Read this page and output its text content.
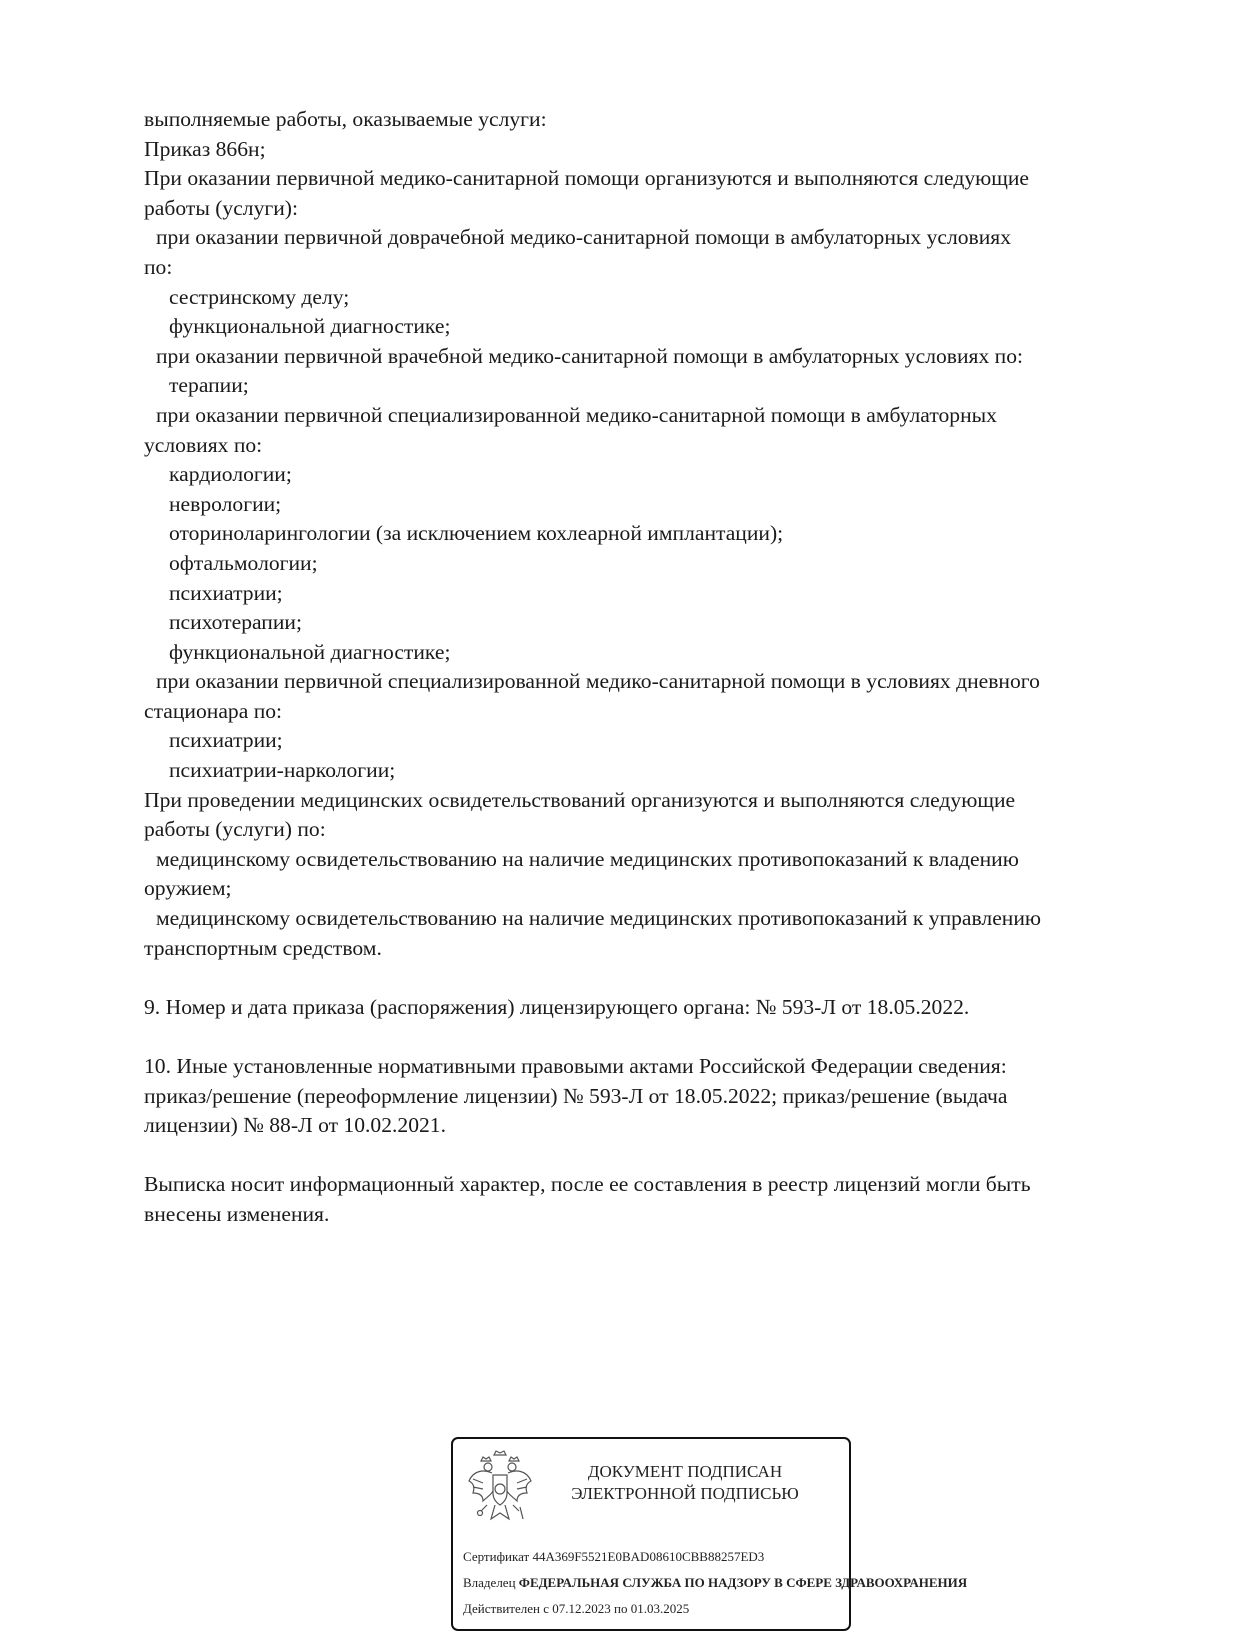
выполняемые работы, оказываемые услуги:
Приказ 866н;
При оказании первичной медико-санитарной помощи организуются и выполняются следующие
работы (услуги):
при оказании первичной доврачебной медико-санитарной помощи в амбулаторных условиях
по:
сестринскому делу;
функциональной диагностике;
при оказании первичной врачебной медико-санитарной помощи в амбулаторных условиях по:
терапии;
при оказании первичной специализированной медико-санитарной помощи в амбулаторных
условиях по:
кардиологии;
неврологии;
оториноларингологии (за исключением кохлеарной имплантации);
офтальмологии;
психиатрии;
психотерапии;
функциональной диагностике;
при оказании первичной специализированной медико-санитарной помощи в условиях дневного
стационара по:
психиатрии;
психиатрии-наркологии;
При проведении медицинских освидетельствований организуются и выполняются следующие
работы (услуги) по:
медицинскому освидетельствованию на наличие медицинских противопоказаний к владению
оружием;
медицинскому освидетельствованию на наличие медицинских противопоказаний к управлению
транспортным средством.
9. Номер и дата приказа (распоряжения) лицензирующего органа: № 593-Л от 18.05.2022.
10. Иные установленные нормативными правовыми актами Российской Федерации сведения:
приказ/решение (переоформление лицензии) № 593-Л от 18.05.2022; приказ/решение (выдача
лицензии) № 88-Л от 10.02.2021.
Выписка носит информационный характер, после ее составления в реестр лицензий могли быть
внесены изменения.
ДОКУМЕНТ ПОДПИСАН
ЭЛЕКТРОННОЙ ПОДПИСЬЮ
Сертификат 44A369F5521E0BAD08610CBB88257ED3
Владелец ФЕДЕРАЛЬНАЯ СЛУЖБА ПО НАДЗОРУ В СФЕРЕ ЗДРАВООХРАНЕНИЯ
Действителен с 07.12.2023 по 01.03.2025
